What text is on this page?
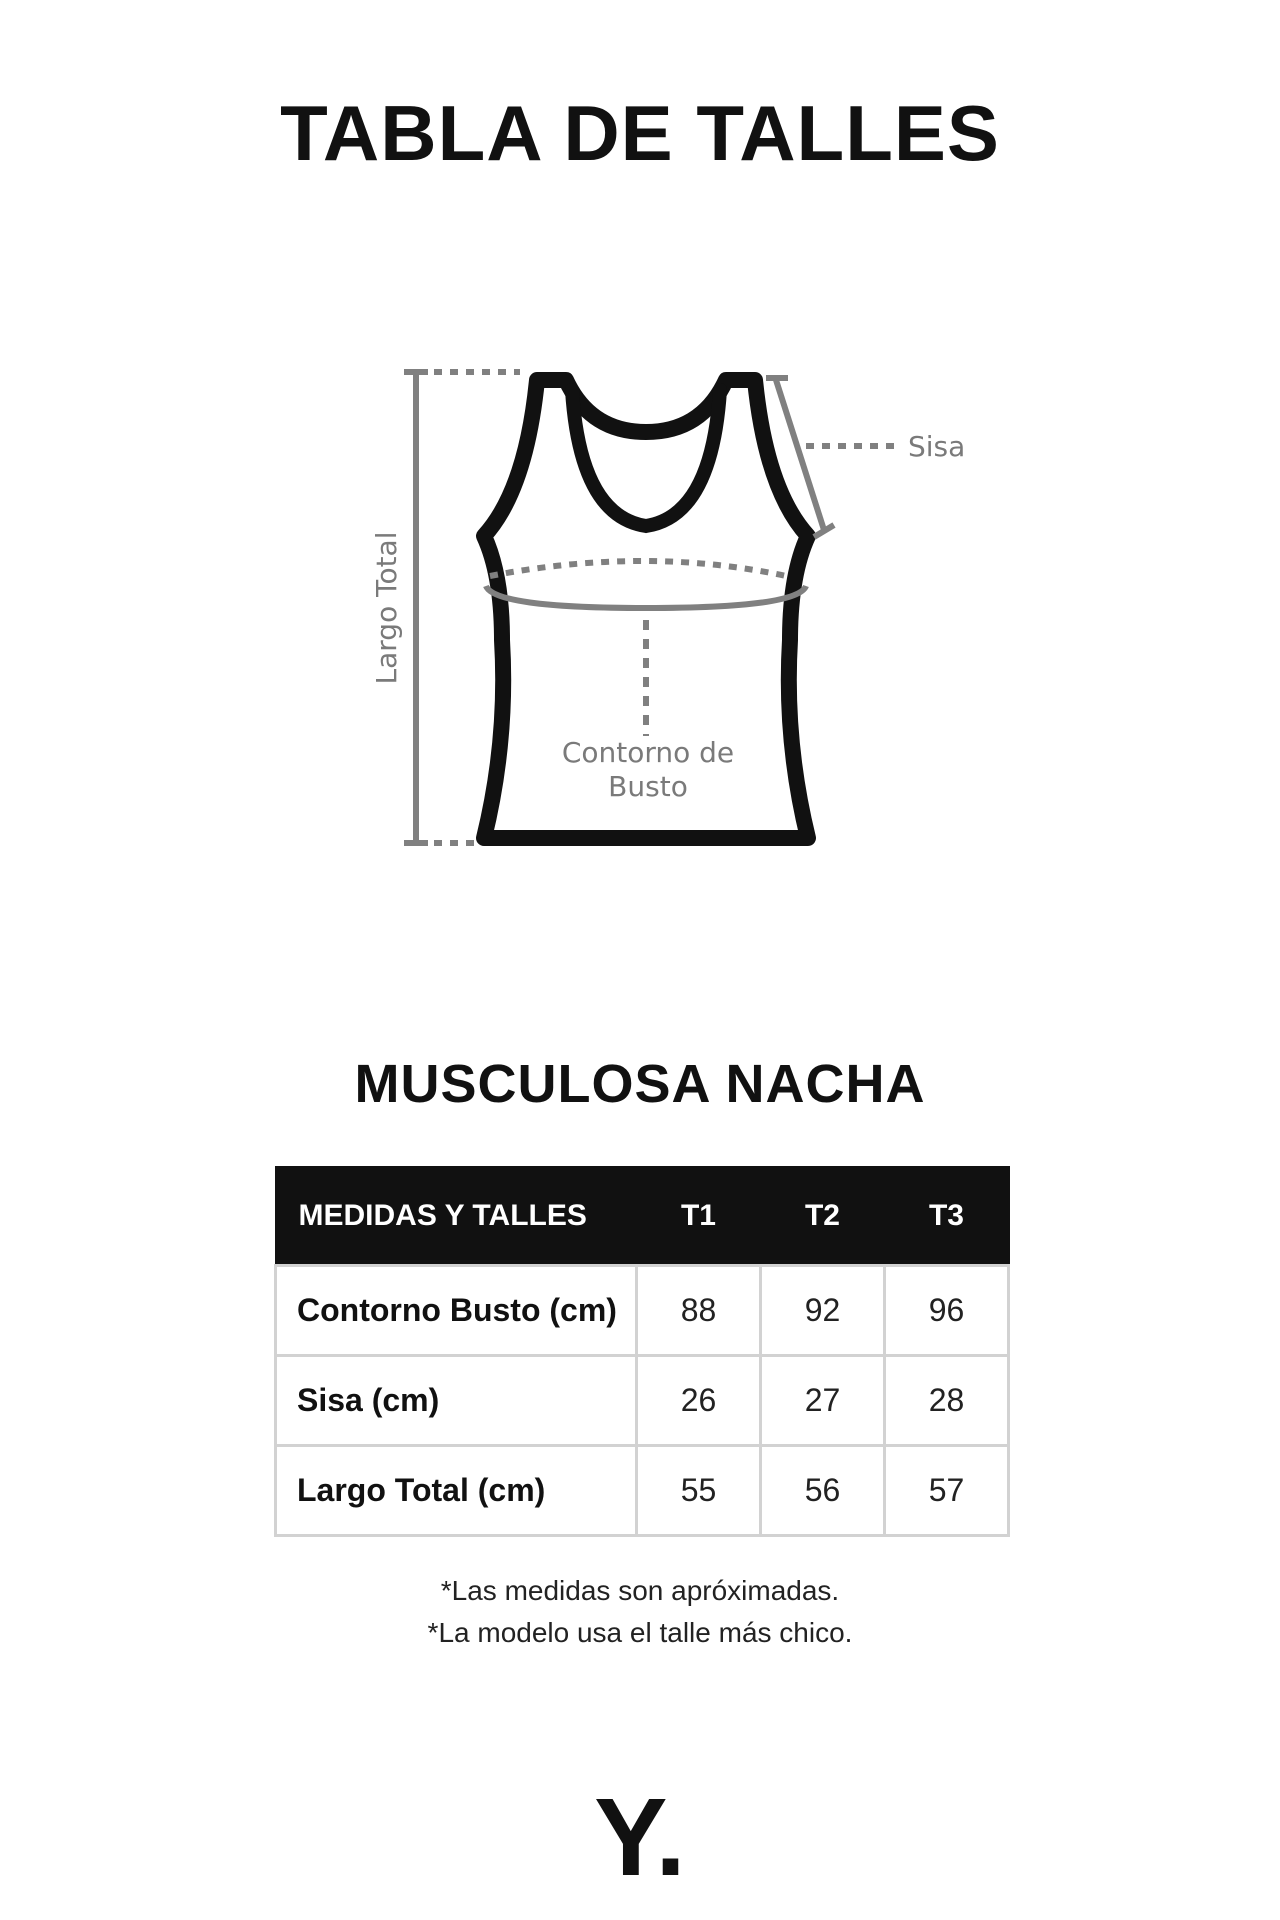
TABLA DE TALLES
Largo Total
Sisa
Contorno de
Busto
MUSCULOSA NACHA
MEDIDAS Y TALLES	T1	T2	T3
Contorno Busto (cm)	88	92	96
Sisa (cm)	26	27	28
Largo Total (cm)	55	56	57
*Las medidas son apróximadas.
*La modelo usa el talle más chico.
Y.
